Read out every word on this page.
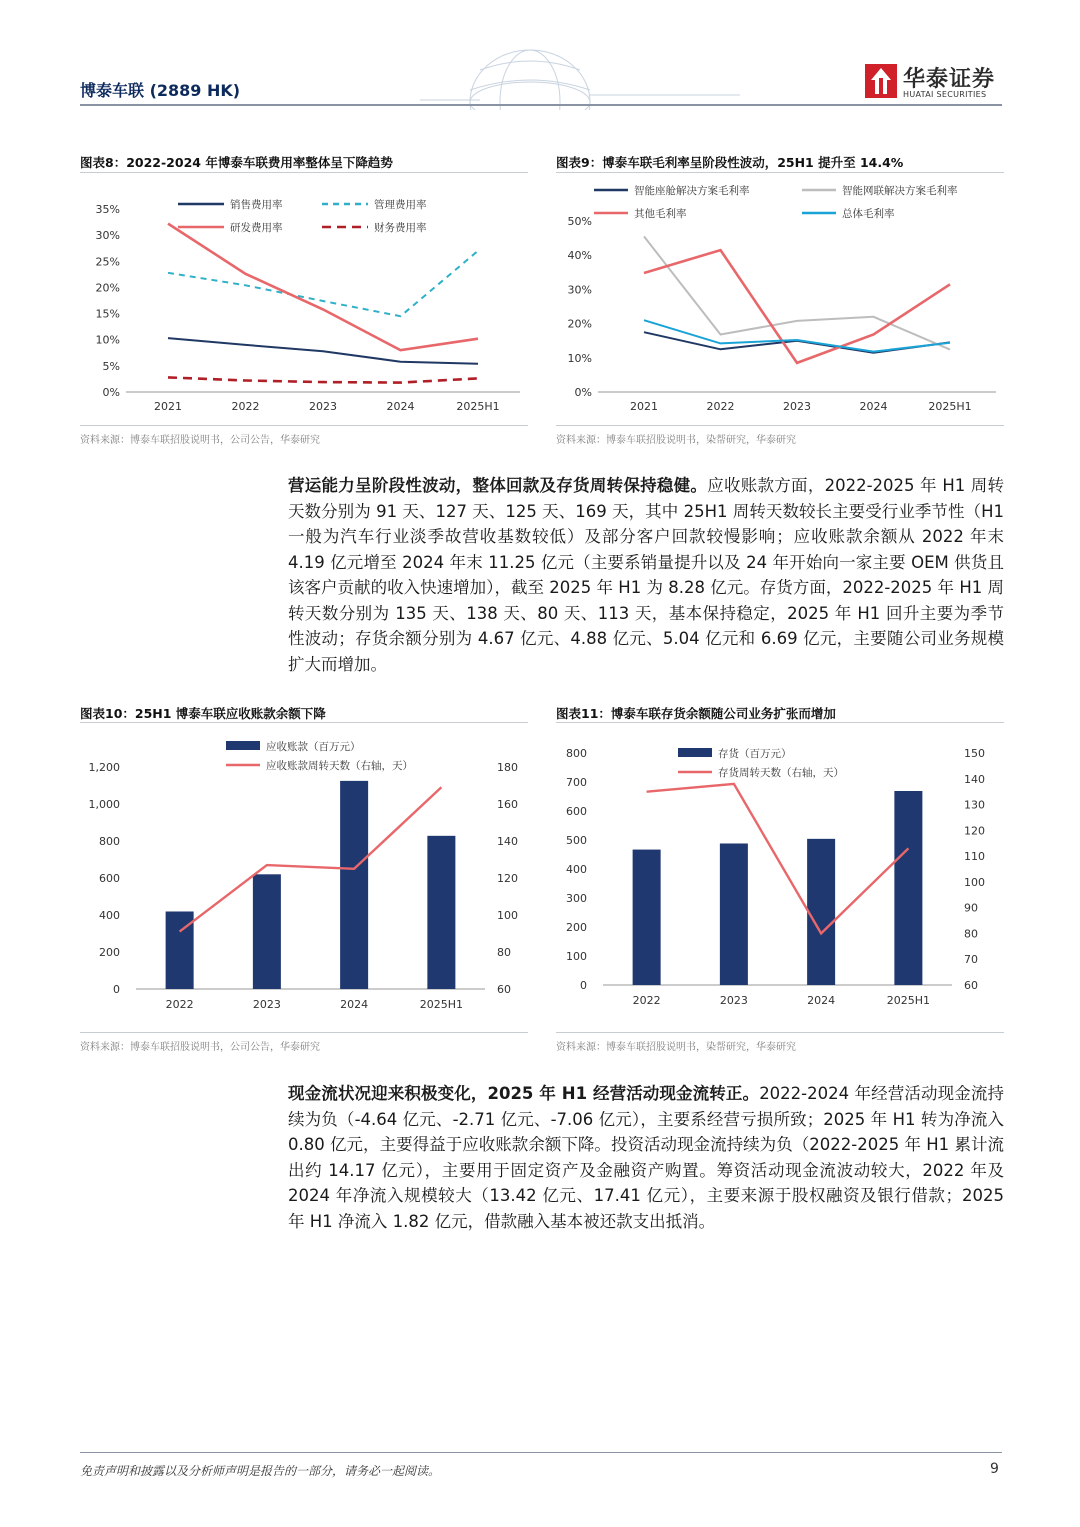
博泰车联 (2889 HK)	华泰证券
HUATAI SECURITIES
图表8：2022-2024 年博泰车联费用率整体呈下降趋势
35%
30%
25%
20%
15%
10%
5%
0%
2021	2022	2023	2024	2025H1
销售费用率	管理费用率
研发费用率	财务费用率
资料来源：博泰车联招股说明书，公司公告，华泰研究
图表9：博泰车联毛利率呈阶段性波动，25H1 提升至 14.4%
50%
40%
30%
20%
10%
0%
2021	2022	2023	2024	2025H1
智能座舱解决方案毛利率	智能网联解决方案毛利率
其他毛利率	总体毛利率
资料来源：博泰车联招股说明书，染帮研究，华泰研究
营运能力呈阶段性波动，整体回款及存货周转保持稳健。应收账款方面，2022-2025 年 H1 周转天数分别为 91 天、127 天、125 天、169 天，其中 25H1 周转天数较长主要受行业季节性（H1 一般为汽车行业淡季故营收基数较低）及部分客户回款较慢影响；应收账款余额从 2022 年末 4.19 亿元增至 2024 年末 11.25 亿元（主要系销量提升以及 24 年开始向一家主要 OEM 供货且该客户贡献的收入快速增加），截至 2025 年 H1 为 8.28 亿元。存货方面，2022-2025 年 H1 周转天数分别为 135 天、138 天、80 天、113 天，基本保持稳定，2025 年 H1 回升主要为季节性波动；存货余额分别为 4.67 亿元、4.88 亿元、5.04 亿元和 6.69 亿元，主要随公司业务规模扩大而增加。
图表10：25H1 博泰车联应收账款余额下降
1,200
1,000
800
600
400
200
0
180
160
140
120
100
80
60
2022	2023	2024	2025H1
应收账款（百万元）
应收账款周转天数（右轴，天）
资料来源：博泰车联招股说明书，公司公告，华泰研究
图表11：博泰车联存货余额随公司业务扩张而增加
800
700
600
500
400
300
200
100
0
150
140
130
120
110
100
90
80
70
60
2022	2023	2024	2025H1
存货（百万元）
存货周转天数（右轴，天）
资料来源：博泰车联招股说明书，染帮研究，华泰研究
现金流状况迎来积极变化，2025 年 H1 经营活动现金流转正。2022-2024 年经营活动现金流持续为负（-4.64 亿元、-2.71 亿元、-7.06 亿元），主要系经营亏损所致；2025 年 H1 转为净流入 0.80 亿元，主要得益于应收账款余额下降。投资活动现金流持续为负（2022-2025 年 H1 累计流出约 14.17 亿元），主要用于固定资产及金融资产购置。筹资活动现金流波动较大，2022 年及 2024 年净流入规模较大（13.42 亿元、17.41 亿元），主要来源于股权融资及银行借款；2025 年 H1 净流入 1.82 亿元，借款融入基本被还款支出抵消。
免责声明和披露以及分析师声明是报告的一部分，请务必一起阅读。	9
